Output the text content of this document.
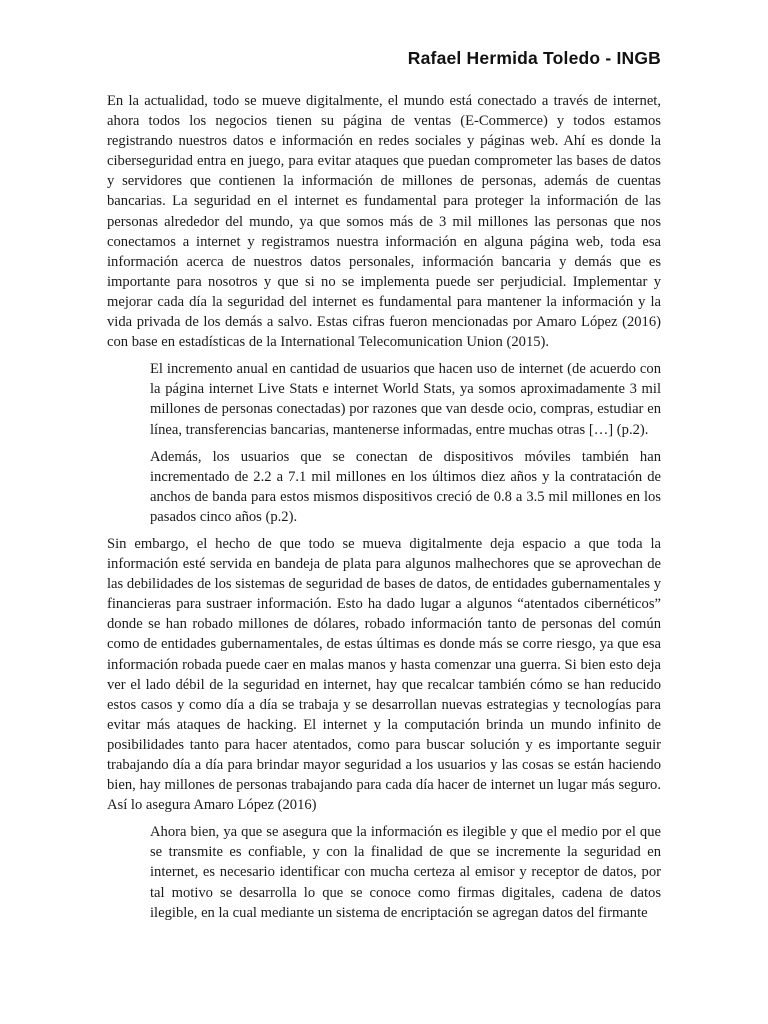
Rafael Hermida Toledo - INGB

En la actualidad, todo se mueve digitalmente, el mundo está conectado a través de internet, ahora todos los negocios tienen su página de ventas (E-Commerce) y todos estamos registrando nuestros datos e información en redes sociales y páginas web. Ahí es donde la ciberseguridad entra en juego, para evitar ataques que puedan comprometer las bases de datos y servidores que contienen la información de millones de personas, además de cuentas bancarias. La seguridad en el internet es fundamental para proteger la información de las personas alrededor del mundo, ya que somos más de 3 mil millones las personas que nos conectamos a internet y registramos nuestra información en alguna página web, toda esa información acerca de nuestros datos personales, información bancaria y demás que es importante para nosotros y que si no se implementa puede ser perjudicial. Implementar y mejorar cada día la seguridad del internet es fundamental para mantener la información y la vida privada de los demás a salvo. Estas cifras fueron mencionadas por Amaro López (2016) con base en estadísticas de la International Telecomunication Union (2015).

El incremento anual en cantidad de usuarios que hacen uso de internet (de acuerdo con la página internet Live Stats e internet World Stats, ya somos aproximadamente 3 mil millones de personas conectadas) por razones que van desde ocio, compras, estudiar en línea, transferencias bancarias, mantenerse informadas, entre muchas otras […] (p.2).

Además, los usuarios que se conectan de dispositivos móviles también han incrementado de 2.2 a 7.1 mil millones en los últimos diez años y la contratación de anchos de banda para estos mismos dispositivos creció de 0.8 a 3.5 mil millones en los pasados cinco años (p.2).

Sin embargo, el hecho de que todo se mueva digitalmente deja espacio a que toda la información esté servida en bandeja de plata para algunos malhechores que se aprovechan de las debilidades de los sistemas de seguridad de bases de datos, de entidades gubernamentales y financieras para sustraer información. Esto ha dado lugar a algunos “atentados cibernéticos” donde se han robado millones de dólares, robado información tanto de personas del común como de entidades gubernamentales, de estas últimas es donde más se corre riesgo, ya que esa información robada puede caer en malas manos y hasta comenzar una guerra. Si bien esto deja ver el lado débil de la seguridad en internet, hay que recalcar también cómo se han reducido estos casos y como día a día se trabaja y se desarrollan nuevas estrategias y tecnologías para evitar más ataques de hacking. El internet y la computación brinda un mundo infinito de posibilidades tanto para hacer atentados, como para buscar solución y es importante seguir trabajando día a día para brindar mayor seguridad a los usuarios y las cosas se están haciendo bien, hay millones de personas trabajando para cada día hacer de internet un lugar más seguro. Así lo asegura Amaro López (2016)

Ahora bien, ya que se asegura que la información es ilegible y que el medio por el que se transmite es confiable, y con la finalidad de que se incremente la seguridad en internet, es necesario identificar con mucha certeza al emisor y receptor de datos, por tal motivo se desarrolla lo que se conoce como firmas digitales, cadena de datos ilegible, en la cual mediante un sistema de encriptación se agregan datos del firmante
